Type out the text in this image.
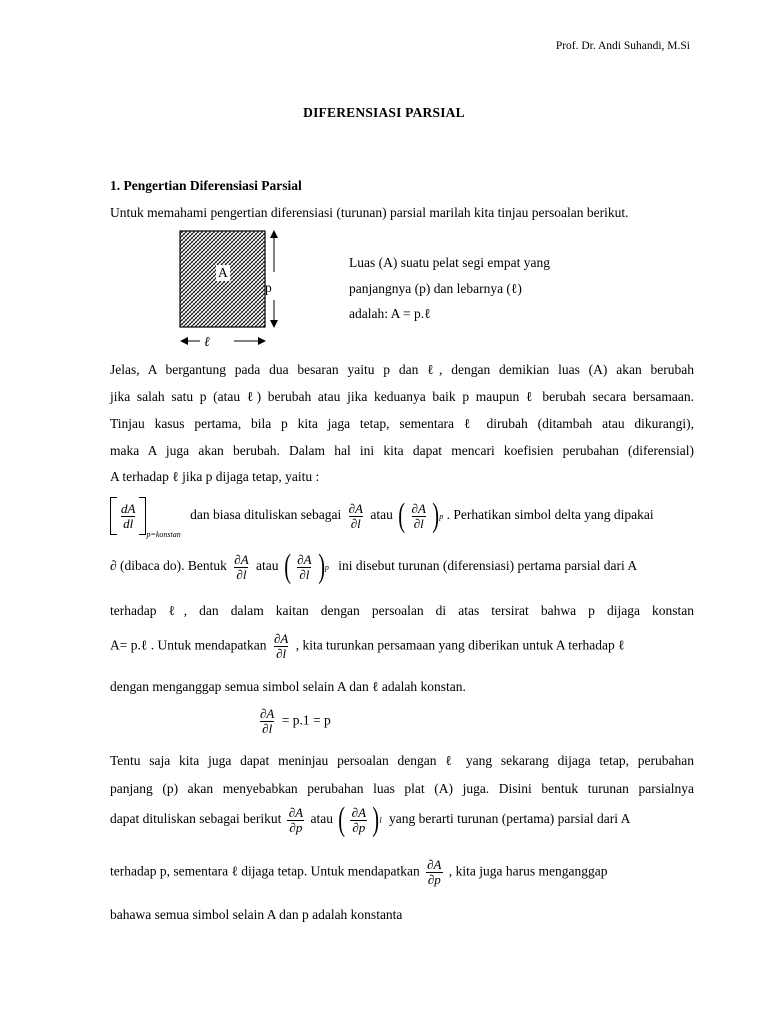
Prof. Dr. Andi Suhandi, M.Si
DIFERENSIASI PARSIAL
1. Pengertian Diferensiasi Parsial
Untuk memahami pengertian diferensiasi (turunan) parsial marilah kita tinjau persoalan berikut.
A
p
ℓ
Luas (A) suatu pelat segi empat yang
panjangnya (p) dan lebarnya (ℓ)
adalah: A = p.ℓ
Jelas, A bergantung pada dua besaran yaitu p dan ℓ, dengan demikian luas (A) akan berubah
jika salah satu p (atau ℓ) berubah atau jika keduanya baik p maupun ℓ berubah secara bersamaan.
Tinjau kasus pertama, bila p kita jaga tetap, sementara ℓ dirubah (ditambah atau dikurangi),
maka A juga akan berubah. Dalam hal ini kita dapat mencari koefisien perubahan (diferensial)
A terhadap ℓ jika p dijaga tetap, yaitu :
$\frac{dA}{dl}$
p=konstan
dan biasa dituliskan sebagai $\frac{\partial A}{\partial l}$ atau ( $\frac{\partial A}{\partial l}$ ) p . Perhatikan simbol delta yang dipakai
∂ (dibaca do). Bentuk $\frac{\partial A}{\partial l}$ atau ( $\frac{\partial A}{\partial l}$ ) p ini disebut turunan (diferensiasi) pertama parsial dari A
terhadap ℓ, dan dalam kaitan dengan persoalan di atas tersirat bahwa p dijaga konstan
A= p.ℓ . Untuk mendapatkan $\frac{\partial A}{\partial l}$ , kita turunkan persamaan yang diberikan untuk A terhadap ℓ
dengan menganggap semua simbol selain A dan ℓ adalah konstan.
$\frac{\partial A}{\partial l} = p.1 = p$
Tentu saja kita juga dapat meninjau persoalan dengan ℓ yang sekarang dijaga tetap, perubahan
panjang (p) akan menyebabkan perubahan luas plat (A) juga. Disini bentuk turunan parsialnya
dapat dituliskan sebagai berikut $\frac{\partial A}{\partial p}$ atau ( $\frac{\partial A}{\partial p}$ ) l yang berarti turunan (pertama) parsial dari A
terhadap p, sementara ℓ dijaga tetap. Untuk mendapatkan $\frac{\partial A}{\partial p}$ , kita juga harus menganggap
bahawa semua simbol selain A dan p adalah konstanta
